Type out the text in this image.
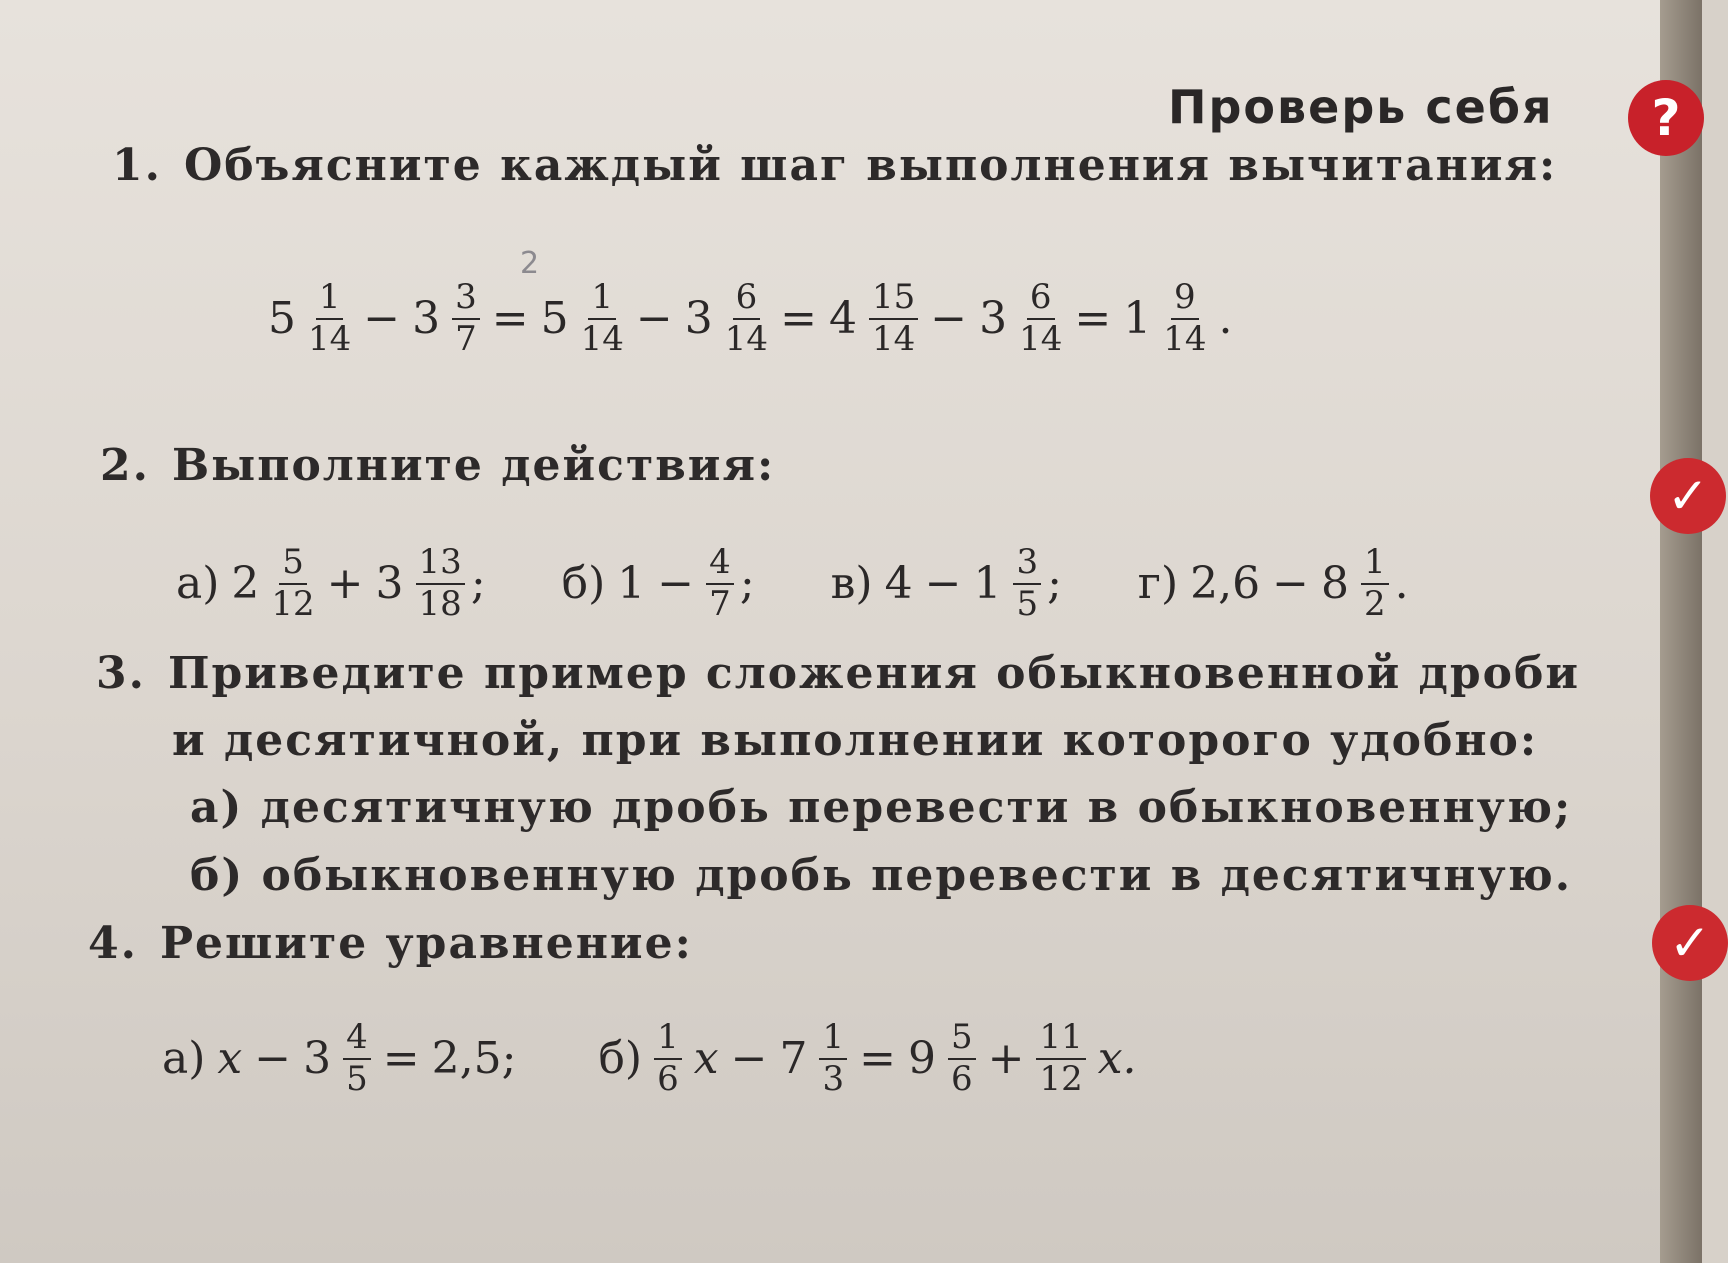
Проверь себя	?
✓
✓
1. Объясните каждый шаг выполнения вычитания:
2
$5 \frac{1}{14} - 3 \frac{3}{7} = 5 \frac{1}{14} - 3 \frac{6}{14} = 4 \frac{15}{14} - 3 \frac{6}{14} = 1 \frac{9}{14}$ .
2. Выполните действия:
а) $2 \frac{5}{12} + 3 \frac{13}{18}$ ; б) $1 - \frac{4}{7}$ ; в) $4 - 1 \frac{3}{5}$ ; г) $2,6 - 8 \frac{1}{2}$ .
3. Приведите пример сложения обыкновенной дроби
и десятичной, при выполнении которого удобно:
а) десятичную дробь перевести в обыкновенную;
б) обыкновенную дробь перевести в десятичную.
4. Решите уравнение:
а) $x - 3 \frac{4}{5} = 2,5$; $б) \frac{1}{6}$ $x - 7 \frac{1}{3} = 9 \frac{5}{6} + \frac{11}{12} x$.
